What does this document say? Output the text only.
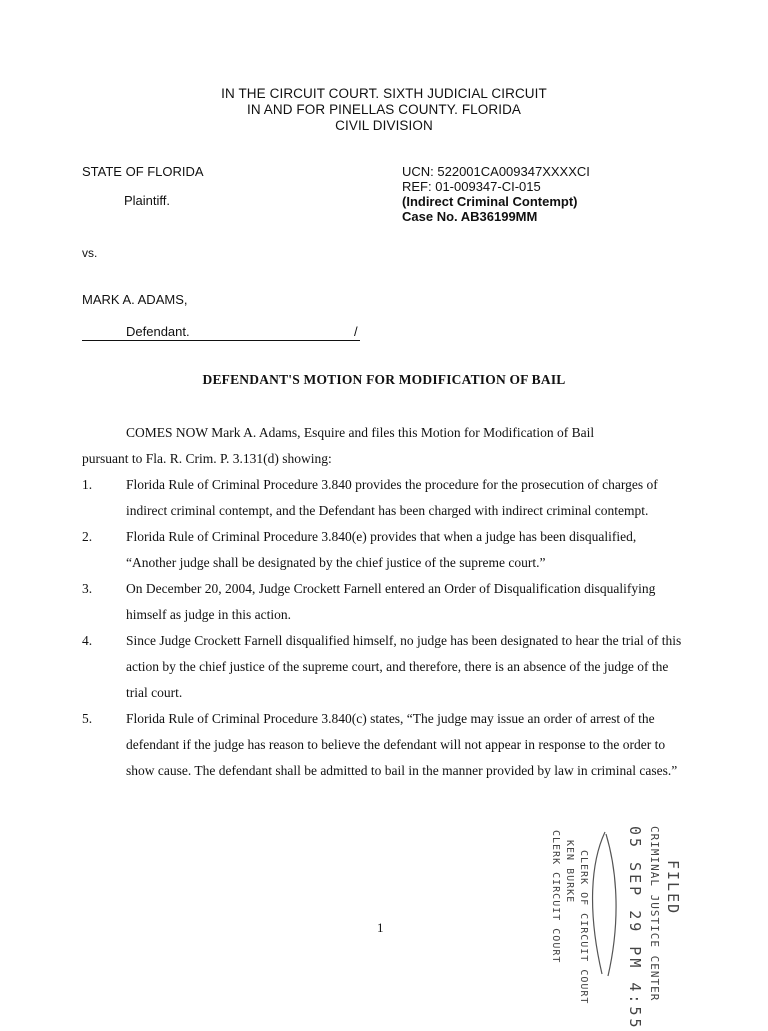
IN THE CIRCUIT COURT. SIXTH JUDICIAL CIRCUIT
IN AND FOR PINELLAS COUNTY. FLORIDA
CIVIL DIVISION
STATE OF FLORIDA
Plaintiff.
UCN: 522001CA009347XXXXCI
REF: 01-009347-CI-015
(Indirect Criminal Contempt)
Case No. AB36199MM
vs.
MARK A. ADAMS,
Defendant.	/
DEFENDANT'S MOTION FOR MODIFICATION OF BAIL
COMES NOW Mark A. Adams, Esquire and files this Motion for Modification of Bail
pursuant to Fla. R. Crim. P. 3.131(d) showing:
1.	Florida Rule of Criminal Procedure 3.840 provides the procedure for the prosecution of charges of indirect criminal contempt, and the Defendant has been charged with indirect criminal contempt.
2.	Florida Rule of Criminal Procedure 3.840(e) provides that when a judge has been disqualified, “Another judge shall be designated by the chief justice of the supreme court.”
3.	On December 20, 2004, Judge Crockett Farnell entered an Order of Disqualification disqualifying himself as judge in this action.
4.	Since Judge Crockett Farnell disqualified himself, no judge has been designated to hear the trial of this action by the chief justice of the supreme court, and therefore, there is an absence of the judge of the trial court.
5.	Florida Rule of Criminal Procedure 3.840(c) states, “The judge may issue an order of arrest of the defendant if the judge has reason to believe the defendant will not appear in response to the order to show cause. The defendant shall be admitted to bail in the manner provided by law in criminal cases.”
1
FILED
CRIMINAL JUSTICE CENTER
05 SEP 29 PM 4:55
CLERK CIRCUIT COURT KEN BURKE CLERK OF CIRCUIT COURT
